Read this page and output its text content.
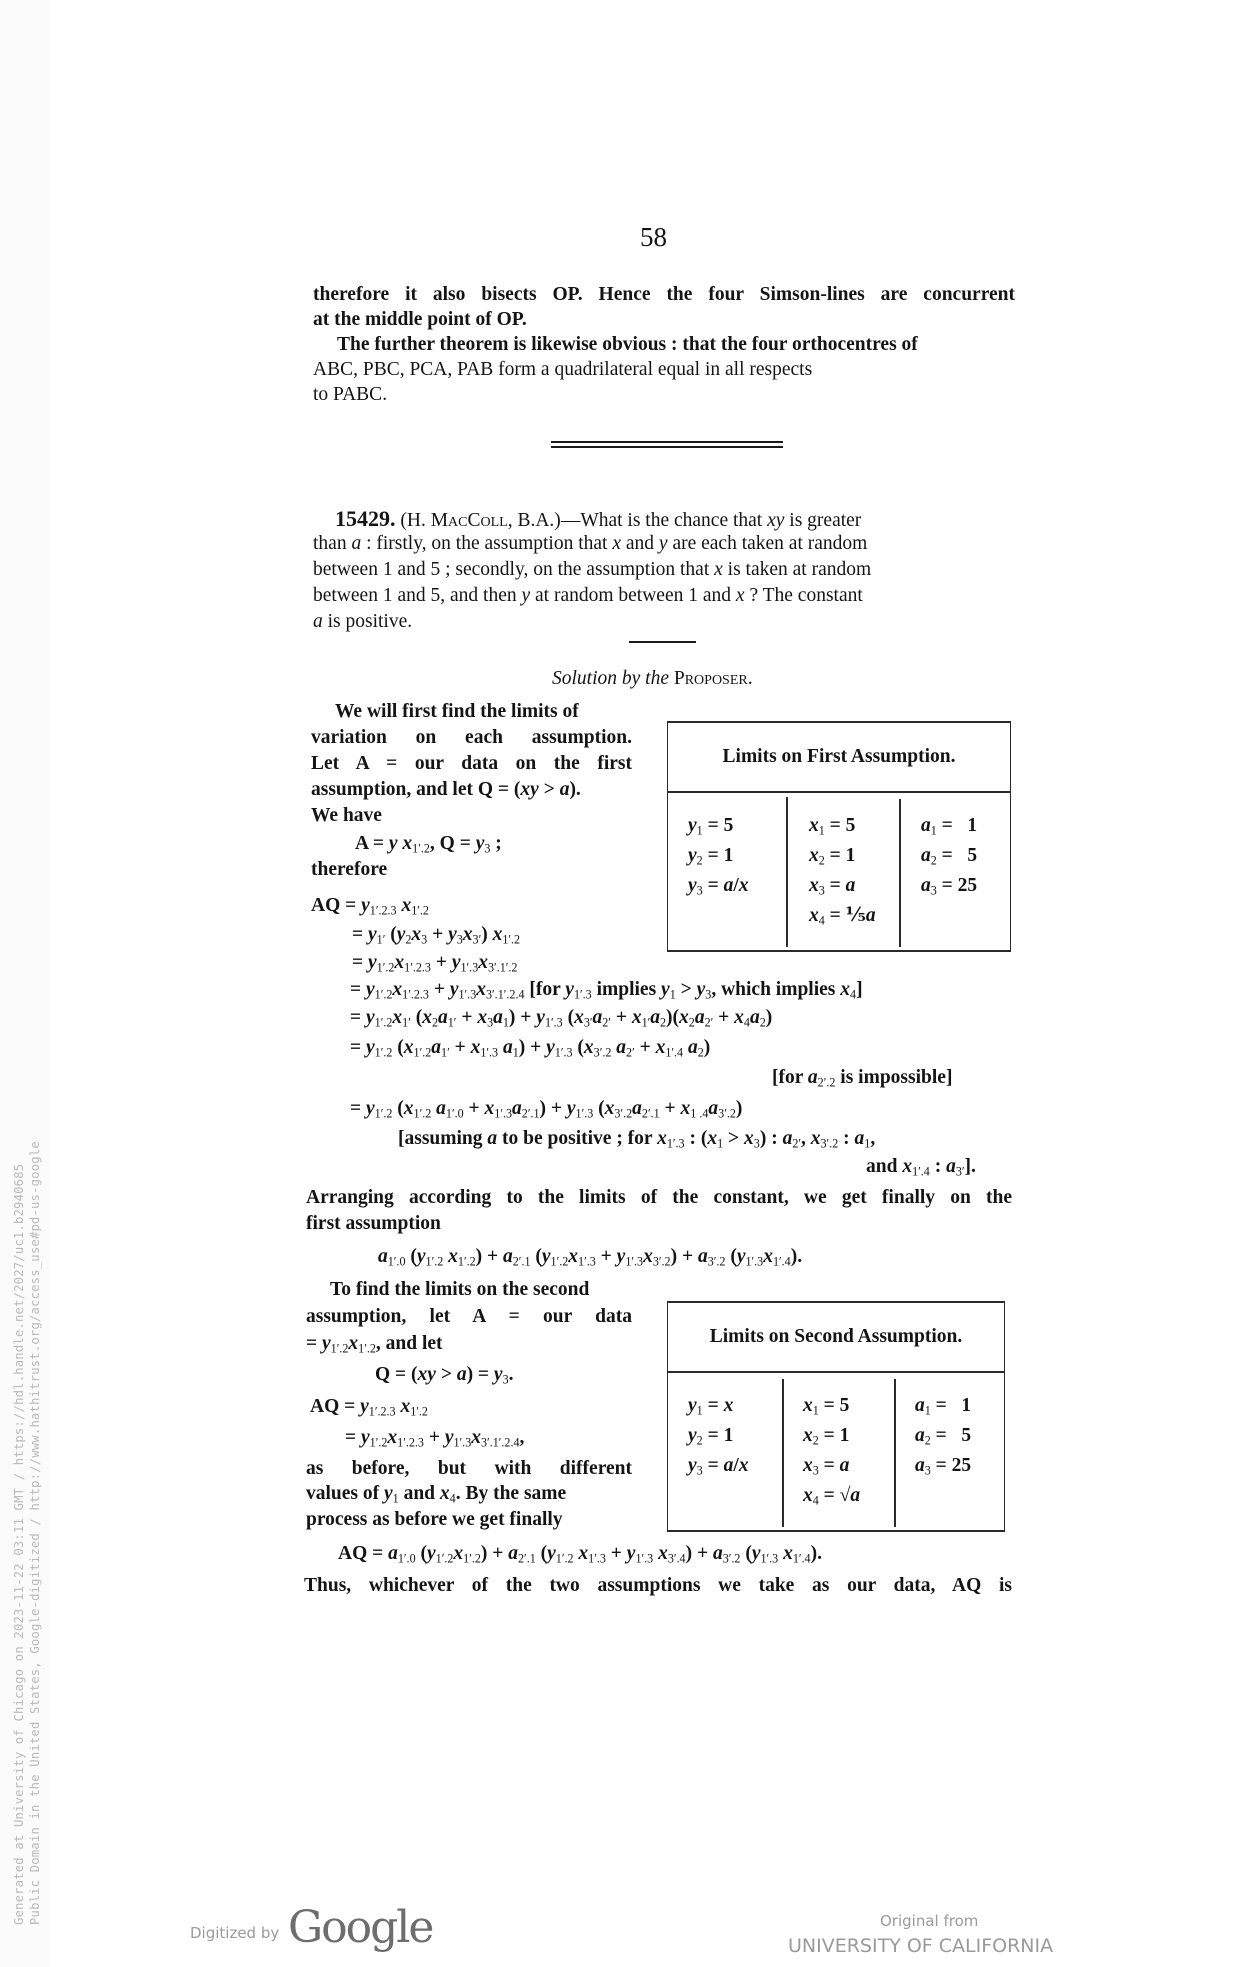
Generated at University of Chicago on 2023-11-22 03:11 GMT / https://hdl.handle.net/2027/uc1.b2940685 Public Domain in the United States, Google-digitized / http://www.hathitrust.org/access_use#pd-us-google
58
therefore it also bisects OP. Hence the four Simson-lines are concurrent
at the middle point of OP.
The further theorem is likewise obvious : that the four orthocentres of
ABC, PBC, PCA, PAB form a quadrilateral equal in all respects
to PABC.
15429. (H. MacColl, B.A.)—What is the chance that xy is greater
than a : firstly, on the assumption that x and y are each taken at random
between 1 and 5 ; secondly, on the assumption that x is taken at random
between 1 and 5, and then y at random between 1 and x ? The constant
a is positive.
Solution by the Proposer.
We will first find the limits of
variation on each assumption.
Let A = our data on the first
assumption, and let Q = (xy > a).
We have
A = y $x_{1'.2}$, $Q = y_3$ ;
therefore
AQ = $y_{1'.2.3}$ $x_{1'.2}$
= $y_{1'}$ $(y_2x_3 + y_3x_{3'})$ $x_{1'.2}$
= $y_{1'.2}x_{1'.2.3} + y_{1'.3}x_{3'.1'.2}$
Limits on First Assumption.
$y_1 = 5$
$y_2 = 1$
$y_3 = a/x$
$x_1 = 5$
$x_2 = 1$
$x_3 = a$
$x_4$ = ⅕a
$a_1 = 1$
$a_2 = 5$
$a_3 = 25$
= $y_{1'.2}x_{1'.2.3} + y_{1'.3}x_{3'.1'.2.4}$ [for $y_{1'.3}$ implies $y_1 > y_3$, which implies $x_4$]
= $y_{1'.2}x_{1'}$ $(x_2a_{1'} + x_3a_1) + y_{1'.3}$ $(x_{3'}a_{2'} + x_{1'}a_2)(x_2a_{2'} + x_4a_2)$
= $y_{1'.2}$ ($x_{1'.2}a_{1'} + x_{1'.3}$ $a_1) + y_{1'.3}$ ($x_{3'.2}$ $a_{2'} + x_{1'.4}$ $a_2$)
[for $a_{2'.2}$ is impossible]
= $y_{1'.2}$ ($x_{1'.2}$ $a_{1'.0} + x_{1'.3}a_{2'.1}) + y_{1'.3}$ $(x_{3'.2}a_{2'.1} + x_{1 .4}a_{3'.2})$
[assuming a to be positive ; for $x_{1'.3}$ : $(x_1 > x_3)$ : $a_{2'}$, $x_{3'.2}$ : $a_1$,
and $x_{1'.4}$ : $a_{3'}$].
Arranging according to the limits of the constant, we get finally on the
first assumption
$a_{1'.0}$ ($y_{1'.2}$ $x_{1'.2}) + a_{2'.1}$ $(y_{1'.2}x_{1'.3} + y_{1'.3}x_{3'.2}) + a_{3'.2}$ $(y_{1'.3}x_{1'.4})$.
To find the limits on the second
assumption, let A = our data
= $y_{1'.2}x_{1'.2}$, and let
$Q = (xy > a) = y_3$.
AQ = $y_{1'.2.3}$ $x_{1'.2}$
= $y_{1'.2}x_{1'.2.3} + y_{1'.3}x_{3'.1'.2.4}$,
as before, but with different
values of $y_1$ and $x_4$. By the same
process as before we get finally
Limits on Second Assumption.
$y_1 = x$
$y_2 = 1$
$y_3 = a/x$
$x_1 = 5$
$x_2 = 1$
$x_3 = a$
$x_4 = √a$
$a_1 = 1$
$a_2 = 5$
$a_3 = 25$
AQ = $a_{1'.0}$ $(y_{1'.2}x_{1'.2}) + a_{2'.1}$ ($y_{1'.2}$ $x_{1'.3} + y_{1'.3}$ $x_{3'.4}) + a_{3'.2}$ ($y_{1'.3}$ $x_{1'.4}$).
Thus, whichever of the two assumptions we take as our data, AQ is
Digitized by Google	Original from
UNIVERSITY OF CALIFORNIA
